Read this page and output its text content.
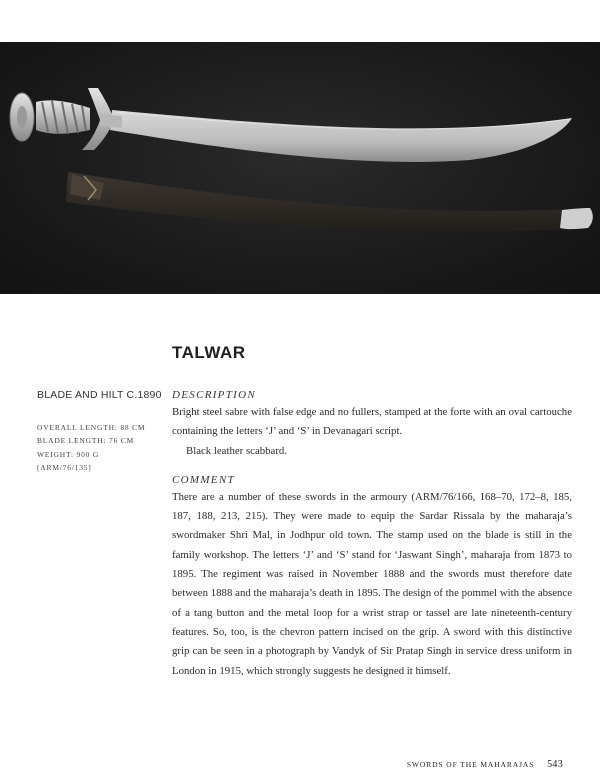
TALWAR
BLADE AND HILT C.1890
OVERALL LENGTH: 88 CM
BLADE LENGTH: 76 CM
WEIGHT: 900 G
[ARM/76/135]
DESCRIPTION

Bright steel sabre with false edge and no fullers, stamped at the forte with an oval cartouche containing the letters ‘J’ and ‘S’ in Devanagari script.

Black leather scabbard.

COMMENT

There are a number of these swords in the armoury (ARM/76/166, 168–70, 172–8, 185, 187, 188, 213, 215). They were made to equip the Sardar Rissala by the maharaja’s swordmaker Shri Mal, in Jodhpur old town. The stamp used on the blade is still in the family workshop. The letters ‘J’ and ‘S’ stand for ‘Jaswant Singh’, maharaja from 1873 to 1895. The regiment was raised in November 1888 and the swords must therefore date between 1888 and the maharaja’s death in 1895. The design of the pommel with the absence of a tang button and the metal loop for a wrist strap or tassel are late nineteenth-century features. So, too, is the chevron pattern incised on the grip. A sword with this distinctive grip can be seen in a photograph by Vandyk of Sir Pratap Singh in service dress uniform in London in 1915, which strongly suggests he designed it himself.

SWORDS OF THE MAHARAJAS 543
